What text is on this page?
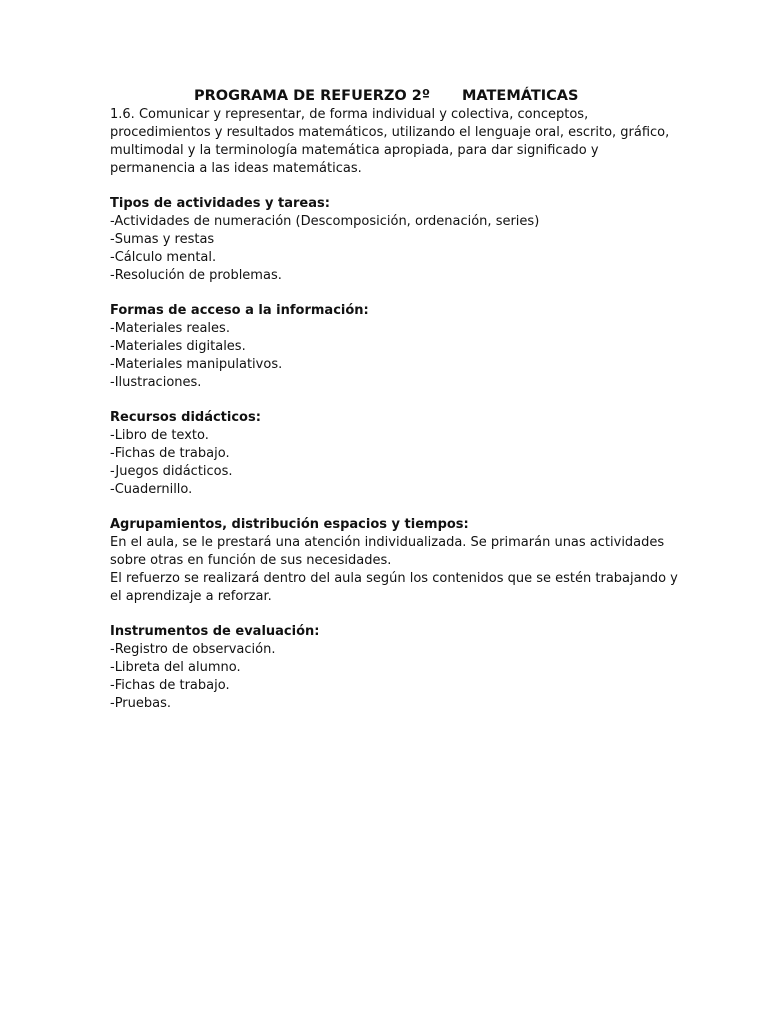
PROGRAMA DE REFUERZO 2º MATEMÁTICAS

1.6. Comunicar y representar, de forma individual y colectiva, conceptos,

procedimientos y resultados matemáticos, utilizando el lenguaje oral, escrito, gráfico,

multimodal y la terminología matemática apropiada, para dar significado y

permanencia a las ideas matemáticas.

Tipos de actividades y tareas:

-Actividades de numeración (Descomposición, ordenación, series)

-Sumas y restas

-Cálculo mental.

-Resolución de problemas.

Formas de acceso a la información:

-Materiales reales.

-Materiales digitales.

-Materiales manipulativos.

-Ilustraciones.

Recursos didácticos:

-Libro de texto.

-Fichas de trabajo.

-Juegos didácticos.

-Cuadernillo.

Agrupamientos, distribución espacios y tiempos:

En el aula, se le prestará una atención individualizada. Se primarán unas actividades

sobre otras en función de sus necesidades.

El refuerzo se realizará dentro del aula según los contenidos que se estén trabajando y

el aprendizaje a reforzar.

Instrumentos de evaluación:

-Registro de observación.

-Libreta del alumno.

-Fichas de trabajo.

-Pruebas.
